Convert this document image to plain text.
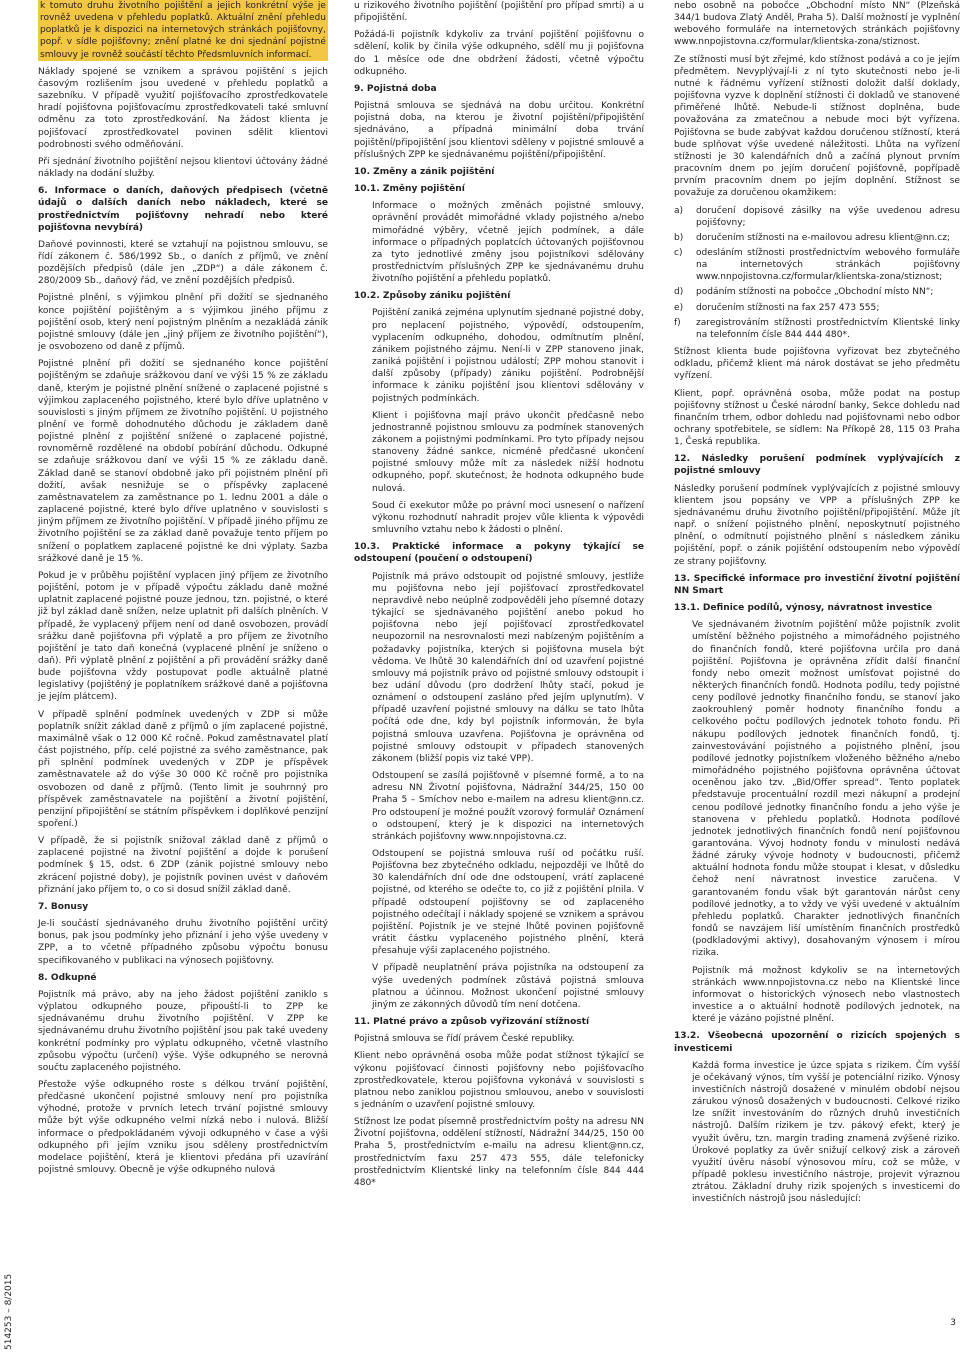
k tomuto druhu životního pojištění a jejich konkrétní výše je rovněž uvedena v přehledu poplatků. Aktuální znění přehledu poplatků je k dispozici na internetových stránkách pojišťovny, popř. v sídle pojišťovny; znění platné ke dni sjednání pojistné smlouvy je rovněž součástí těchto Předsmluvních informací.

Náklady spojené se vznikem a správou pojištění s jejich časovým rozlišením jsou uvedené v přehledu poplatků a sazebníku. V případě využití pojišťovacího zprostředkovatele hradí pojišťovna pojišťovacímu zprostředkovateli také smluvní odměnu za toto zprostředkování. Na žádost klienta je pojišťovací zprostředkovatel povinen sdělit klientovi podrobnosti svého odměňování.

Při sjednání životního pojištění nejsou klientovi účtovány žádné náklady na dodání služby.

6. Informace o daních, daňových předpisech (včetně údajů o dalších daních nebo nákladech, které se prostřednictvím pojišťovny nehradí nebo které pojišťovna nevybírá)

Daňové povinnosti, které se vztahují na pojistnou smlouvu, se řídí zákonem č. 586/1992 Sb., o daních z příjmů, ve znění pozdějších předpisů (dále jen „ZDP“) a dále zákonem č. 280/2009 Sb., daňový řád, ve znění pozdějších předpisů.

Pojistné plnění, s výjimkou plnění při dožití se sjednaného konce pojištění pojištěným a s výjimkou jiného příjmu z pojištění osob, který není pojistným plněním a nezakládá zánik pojistné smlouvy (dále jen „jiný příjem ze životního pojištění“), je osvobozeno od daně z příjmů.

Pojistné plnění při dožití se sjednaného konce pojištění pojištěným se zdaňuje srážkovou daní ve výši 15 % ze základu daně, kterým je pojistné plnění snížené o zaplacené pojistné s výjimkou zaplaceného pojistného, které bylo dříve uplatněno v souvislosti s jiným příjmem ze životního pojištění. U pojistného plnění ve formě dohodnutého důchodu je základem daně pojistné plnění z pojištění snížené o zaplacené pojistné, rovnoměrně rozdělené na období pobírání důchodu. Odkupné se zdaňuje srážkovou daní ve výši 15 % ze základu daně. Základ daně se stanoví obdobně jako při pojistném plnění při dožití, avšak nesnižuje se o příspěvky zaplacené zaměstnavatelem za zaměstnance po 1. lednu 2001 a dále o zaplacené pojistné, které bylo dříve uplatněno v souvislosti s jiným příjmem ze životního pojištění. V případě jiného příjmu ze životního pojištění se za základ daně považuje tento příjem po snížení o poplatkem zaplacené pojistné ke dni výplaty. Sazba srážkové daně je 15 %.

Pokud je v průběhu pojištění vyplacen jiný příjem ze životního pojištění, potom je v případě výpočtu základu daně možné uplatnit zaplacené pojistné pouze jednou, tzn. pojistné, o které již byl základ daně snížen, nelze uplatnit při dalších plněních. V případě, že vyplacený příjem není od daně osvobozen, provádí srážku daně pojišťovna při výplatě a pro příjem ze životního pojištění je tato daň konečná (vyplacené plnění je sníženo o daň). Při výplatě plnění z pojištění a při provádění srážky daně bude pojišťovna vždy postupovat podle aktuálně platné legislativy (pojištěný je poplatníkem srážkové daně a pojišťovna je jejím plátcem).

V případě splnění podmínek uvedených v ZDP si může poplatník snížit základ daně z příjmů o jím zaplacené pojistné, maximálně však o 12 000 Kč ročně. Pokud zaměstnavatel platí část pojistného, příp. celé pojistné za svého zaměstnance, pak při splnění podmínek uvedených v ZDP je příspěvek zaměstnavatele až do výše 30 000 Kč ročně pro pojistníka osvobozen od daně z příjmů. (Tento limit je souhrnný pro příspěvek zaměstnavatele na pojištění a životní pojištění, penzijní připojištění se státním příspěvkem i doplňkové penzijní spoření.)

V případě, že si pojistník snižoval základ daně z příjmů o zaplacené pojistné na životní pojištění a dojde k porušení podmínek § 15, odst. 6 ZDP (zánik pojistné smlouvy nebo zkrácení pojistné doby), je pojistník povinen uvést v daňovém přiznání jako příjem to, o co si dosud snížil základ daně.

7. Bonusy

Je-li součástí sjednávaného druhu životního pojištění určitý bonus, pak jsou podmínky jeho přiznání i jeho výše uvedeny v ZPP, a to včetně případného způsobu výpočtu bonusu specifikovaného v publikaci na výnosech pojišťovny.

8. Odkupné

Pojistník má právo, aby na jeho žádost pojištění zaniklo s výplatou odkupného pouze, připouští-li to ZPP ke sjednávanému druhu životního pojištění. V ZPP ke sjednávanému druhu životního pojištění jsou pak také uvedeny konkrétní podmínky pro výplatu odkupného, včetně vlastního způsobu výpočtu (určení) výše. Výše odkupného se nerovná součtu zaplaceného pojistného.

Přestože výše odkupného roste s délkou trvání pojištění, předčasné ukončení pojistné smlouvy není pro pojistníka výhodné, protože v prvních letech trvání pojistné smlouvy může být výše odkupného velmi nízká nebo i nulová. Bližší informace o předpokládaném vývoji odkupného v čase a výši odkupného při jejím vzniku jsou sděleny prostřednictvím modelace pojištění, která je klientovi předána při uzavírání pojistné smlouvy. Obecně je výše odkupného nulová

u rizikového životního pojištění (pojištění pro případ smrti) a u připojištění.

Požádá-li pojistník kdykoliv za trvání pojištění pojišťovnu o sdělení, kolik by činila výše odkupného, sdělí mu ji pojišťovna do 1 měsíce ode dne obdržení žádosti, včetně výpočtu odkupného.

9. Pojistná doba

Pojistná smlouva se sjednává na dobu určitou. Konkrétní pojistná doba, na kterou je životní pojištění/připojištění sjednáváno, a případná minimální doba trvání pojištění/připojištění jsou klientovi sděleny v pojistné smlouvě a příslušných ZPP ke sjednávanému pojištění/připojištění.

10. Změny a zánik pojištění

10.1. Změny pojištění

Informace o možných změnách pojistné smlouvy, oprávnění provádět mimořádné vklady pojistného a/nebo mimořádné výběry, včetně jejich podmínek, a dále informace o případných poplatcích účtovaných pojišťovnou za tyto jednotlivé změny jsou pojistníkovi sdělovány prostřednictvím příslušných ZPP ke sjednávanému druhu životního pojištění a přehledu poplatků.

10.2. Způsoby zániku pojištění

Pojištění zaniká zejména uplynutím sjednané pojistné doby, pro neplacení pojistného, výpovědí, odstoupením, vyplacením odkupného, dohodou, odmítnutím plnění, zánikem pojistného zájmu. Není-li v ZPP stanoveno jinak, zaniká pojištění i pojistnou událostí; ZPP mohou stanovit i další způsoby (případy) zániku pojištění. Podrobnější informace k zániku pojištění jsou klientovi sdělovány v pojistných podmínkách.

Klient i pojišťovna mají právo ukončit předčasně nebo jednostranně pojistnou smlouvu za podmínek stanovených zákonem a pojistnými podmínkami. Pro tyto případy nejsou stanoveny žádné sankce, nicméně předčasné ukončení pojistné smlouvy může mít za následek nižší hodnotu odkupného, popř. skutečnost, že hodnota odkupného bude nulová.

Soud či exekutor může po právní moci usnesení o nařízení výkonu rozhodnutí nahradit projev vůle klienta k výpovědi smluvního vztahu nebo k žádosti o plnění.

10.3. Praktické informace a pokyny týkající se odstoupení (poučení o odstoupení)

Pojistník má právo odstoupit od pojistné smlouvy, jestliže mu pojišťovna nebo její pojišťovací zprostředkovatel nepravdivě nebo neúplně zodpověděli jeho písemné dotazy týkající se sjednávaného pojištění anebo pokud ho pojišťovna nebo její pojišťovací zprostředkovatel neupozornil na nesrovnalosti mezi nabízeným pojištěním a požadavky pojistníka, kterých si pojišťovna musela být vědoma. Ve lhůtě 30 kalendářních dní od uzavření pojistné smlouvy má pojistník právo od pojistné smlouvy odstoupit i bez udání důvodu (pro dodržení lhůty stačí, pokud je oznámení o odstoupení zasláno před jejím uplynutím). V případě uzavření pojistné smlouvy na dálku se tato lhůta počítá ode dne, kdy byl pojistník informován, že byla pojistná smlouva uzavřena. Pojišťovna je oprávněna od pojistné smlouvy odstoupit v případech stanovených zákonem (bližší popis viz také VPP).

Odstoupení se zasílá pojišťovně v písemné formě, a to na adresu NN Životní pojišťovna, Nádražní 344/25, 150 00 Praha 5 – Smíchov nebo e-mailem na adresu klient@nn.cz. Pro odstoupení je možné použít vzorový formulář Oznámení o odstoupení, který je k dispozici na internetových stránkách pojišťovny www.nnpojistovna.cz.

Odstoupení se pojistná smlouva ruší od počátku ruší. Pojišťovna bez zbytečného odkladu, nejpozději ve lhůtě do 30 kalendářních dní ode dne odstoupení, vrátí zaplacené pojistné, od kterého se odečte to, co již z pojištění plnila. V případě odstoupení pojišťovny se od zaplaceného pojistného odečítají i náklady spojené se vznikem a správou pojištění. Pojistník je ve stejné lhůtě povinen pojišťovně vrátit částku vyplaceného pojistného plnění, která přesahuje výši zaplaceného pojistného.

V případě neuplatnění práva pojistníka na odstoupení za výše uvedených podmínek zůstává pojistná smlouva platnou a účinnou. Možnost ukončení pojistné smlouvy jiným ze zákonných důvodů tím není dotčena.

11. Platné právo a způsob vyřizování stížností

Pojistná smlouva se řídí právem České republiky.

Klient nebo oprávněná osoba může podat stížnost týkající se výkonu pojišťovací činnosti pojišťovny nebo pojišťovacího zprostředkovatele, kterou pojišťovna vykonává v souvislosti s platnou nebo zaniklou pojistnou smlouvou, anebo v souvislosti s jednáním o uzavření pojistné smlouvy.

Stížnost lze podat písemně prostřednictvím pošty na adresu NN Životní pojišťovna, oddělení stížností, Nádražní 344/25, 150 00 Praha 5, prostřednictvím e-mailu na adresu klient@nn.cz, prostřednictvím faxu 257 473 555, dále telefonicky prostřednictvím Klientské linky na telefonním čísle 844 444 480*

nebo osobně na pobočce „Obchodní místo NN“ (Plzeňská 344/1 budova Zlatý Anděl, Praha 5). Další možností je vyplnění webového formuláře na internetových stránkách pojišťovny www.nnpojistovna.cz/formular/klientska-zona/stiznost.

Ze stížnosti musí být zřejmé, kdo stížnost podává a co je jejím předmětem. Nevyplývají-li z ní tyto skutečnosti nebo je-li nutné k řádnému vyřízení stížnosti doložit další doklady, pojišťovna vyzve k doplnění stížnosti či dokladů ve stanovené přiměřené lhůtě. Nebude-li stížnost doplněna, bude považována za zmatečnou a nebude moci být vyřízena. Pojišťovna se bude zabývat každou doručenou stížností, která bude splňovat výše uvedené náležitosti. Lhůta na vyřízení stížnosti je 30 kalendářních dnů a začíná plynout prvním pracovním dnem po jejím doručení pojišťovně, popřípadě prvním pracovním dnem po jejím doplnění. Stížnost se považuje za doručenou okamžikem:

a)	doručení dopisové zásilky na výše uvedenou adresu pojišťovny;
b)	doručením stížnosti na e-mailovou adresu klient@nn.cz;
c)	odesláním stížnosti prostřednictvím webového formuláře na internetových stránkách pojišťovny www.nnpojistovna.cz/formular/klientska-zona/stiznost;
d)	podáním stížnosti na pobočce „Obchodní místo NN“;
e)	doručením stížnosti na fax 257 473 555;
f)	zaregistrováním stížnosti prostřednictvím Klientské linky na telefonním čísle 844 444 480*.

Stížnost klienta bude pojišťovna vyřizovat bez zbytečného odkladu, přičemž klient má nárok dostávat se jeho předmětu vyřízení.

Klient, popř. oprávněná osoba, může podat na postup pojišťovny stížnost u České národní banky, Sekce dohledu nad finančním trhem, odbor dohledu nad pojišťovnami nebo odbor ochrany spotřebitele, se sídlem: Na Příkopě 28, 115 03 Praha 1, Česká republika.

12. Následky porušení podmínek vyplývajících z pojistné smlouvy

Následky porušení podmínek vyplývajících z pojistné smlouvy klientem jsou popsány ve VPP a příslušných ZPP ke sjednávanému druhu životního pojištění/připojištění. Může jít např. o snížení pojistného plnění, neposkytnutí pojistného plnění, o odmítnutí pojistného plnění s následkem zániku pojištění, popř. o zánik pojištění odstoupením nebo výpovědí ze strany pojišťovny.

13. Specifické informace pro investiční životní pojištění NN Smart

13.1. Definice podílů, výnosy, návratnost investice

Ve sjednávaném životním pojištění může pojistník zvolit umístění běžného pojistného a mimořádného pojistného do finančních fondů, které pojišťovna určila pro daná pojištění. Pojišťovna je oprávněna zřídit další finanční fondy nebo omezit možnost umísťovat pojistné do některých finančních fondů. Hodnota podílu, tedy pojistné ceny podílové jednotky finančního fondu, se stanoví jako zaokrouhlený poměr hodnoty finančního fondu a celkového počtu podílových jednotek tohoto fondu. Při nákupu podílových jednotek finančních fondů, tj. zainvestovávání pojistného a pojistného plnění, jsou podílové jednotky pojistníkem vloženého běžného a/nebo mimořádného pojistného pojišťovna oprávněna účtovat oceněnou jako tzv. „Bid/Offer spread“. Tento poplatek představuje procentuální rozdíl mezi nákupní a prodejní cenou podílové jednotky finančního fondu a jeho výše je stanovena v přehledu poplatků. Hodnota podílové jednotek jednotlivých finančních fondů není pojišťovnou garantována. Vývoj hodnoty fondu v minulosti nedává žádné záruky vývoje hodnoty v budoucnosti, přičemž aktuální hodnota fondu může stoupat i klesat, v důsledku čehož není návratnost investice zaručena. V garantovaném fondu však být garantován nárůst ceny podílové jednotky, a to vždy ve výši uvedené v aktuálním přehledu poplatků. Charakter jednotlivých finančních fondů se navzájem liší umístěním finančních prostředků (podkladovými aktivy), dosahovaným výnosem i mírou rizika.

Pojistník má možnost kdykoliv se na internetových stránkách www.nnpojistovna.cz nebo na Klientské lince informovat o historických výnosech nebo vlastnostech investice a o aktuální hodnotě podílových jednotek, na které je vázáno pojistné plnění.

13.2. Všeobecná upozornění o rizicích spojených s investicemi

Každá forma investice je úzce spjata s rizikem. Čím vyšší je očekávaný výnos, tím vyšší je potenciální riziko. Výnosy investičních nástrojů dosažené v minulém období nejsou zárukou výnosů dosažených v budoucnosti. Celkové riziko lze snížit investováním do různých druhů investičních nástrojů. Dalším rizikem je tzv. pákový efekt, který je využit úvěru, tzn. margin trading znamená zvýšené riziko. Úrokové poplatky za úvěr snižují celkový zisk a zároveň využití úvěru násobí výnosovou míru, což se může, v případě poklesu investičního nástroje, projevit výraznou ztrátou. Základní druhy rizik spojených s investicemi do investičních nástrojů jsou následující:

514253 – 8/2015	3
